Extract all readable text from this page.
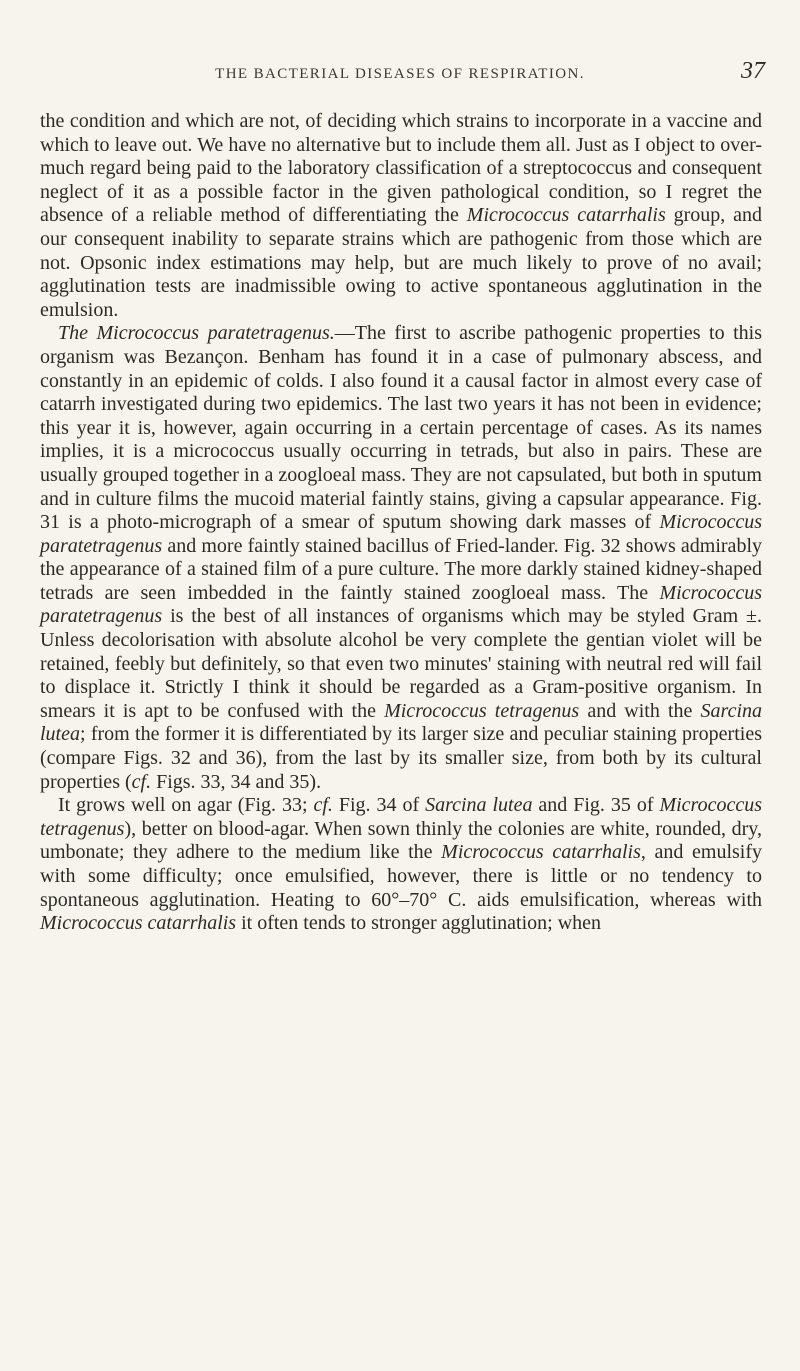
THE BACTERIAL DISEASES OF RESPIRATION.	37

the condition and which are not, of deciding which strains to incorporate in a vaccine and which to leave out. We have no alternative but to include them all. Just as I object to over-much regard being paid to the laboratory classification of a streptococcus and consequent neglect of it as a possible factor in the given pathological condition, so I regret the absence of a reliable method of differentiating the Micrococcus catarrhalis group, and our consequent inability to separate strains which are pathogenic from those which are not. Opsonic index estimations may help, but are much likely to prove of no avail; agglutination tests are inadmissible owing to active spontaneous agglutination in the emulsion.

The Micrococcus paratetragenus.—The first to ascribe pathogenic properties to this organism was Bezançon. Benham has found it in a case of pulmonary abscess, and constantly in an epidemic of colds. I also found it a causal factor in almost every case of catarrh investigated during two epidemics. The last two years it has not been in evidence; this year it is, however, again occurring in a certain percentage of cases. As its names implies, it is a micrococcus usually occurring in tetrads, but also in pairs. These are usually grouped together in a zoogloeal mass. They are not capsulated, but both in sputum and in culture films the mucoid material faintly stains, giving a capsular appearance. Fig. 31 is a photo-micrograph of a smear of sputum showing dark masses of Micrococcus paratetragenus and more faintly stained bacillus of Fried-lander. Fig. 32 shows admirably the appearance of a stained film of a pure culture. The more darkly stained kidney-shaped tetrads are seen imbedded in the faintly stained zoogloeal mass. The Micrococcus paratetragenus is the best of all instances of organisms which may be styled Gram ±. Unless decolorisation with absolute alcohol be very complete the gentian violet will be retained, feebly but definitely, so that even two minutes' staining with neutral red will fail to displace it. Strictly I think it should be regarded as a Gram-positive organism. In smears it is apt to be confused with the Micrococcus tetragenus and with the Sarcina lutea; from the former it is differentiated by its larger size and peculiar staining properties (compare Figs. 32 and 36), from the last by its smaller size, from both by its cultural properties (cf. Figs. 33, 34 and 35).

It grows well on agar (Fig. 33; cf. Fig. 34 of Sarcina lutea and Fig. 35 of Micrococcus tetragenus), better on blood-agar. When sown thinly the colonies are white, rounded, dry, umbonate; they adhere to the medium like the Micrococcus catarrhalis, and emulsify with some difficulty; once emulsified, however, there is little or no tendency to spontaneous agglutination. Heating to 60°–70° C. aids emulsification, whereas with Micrococcus catarrhalis it often tends to stronger agglutination; when
